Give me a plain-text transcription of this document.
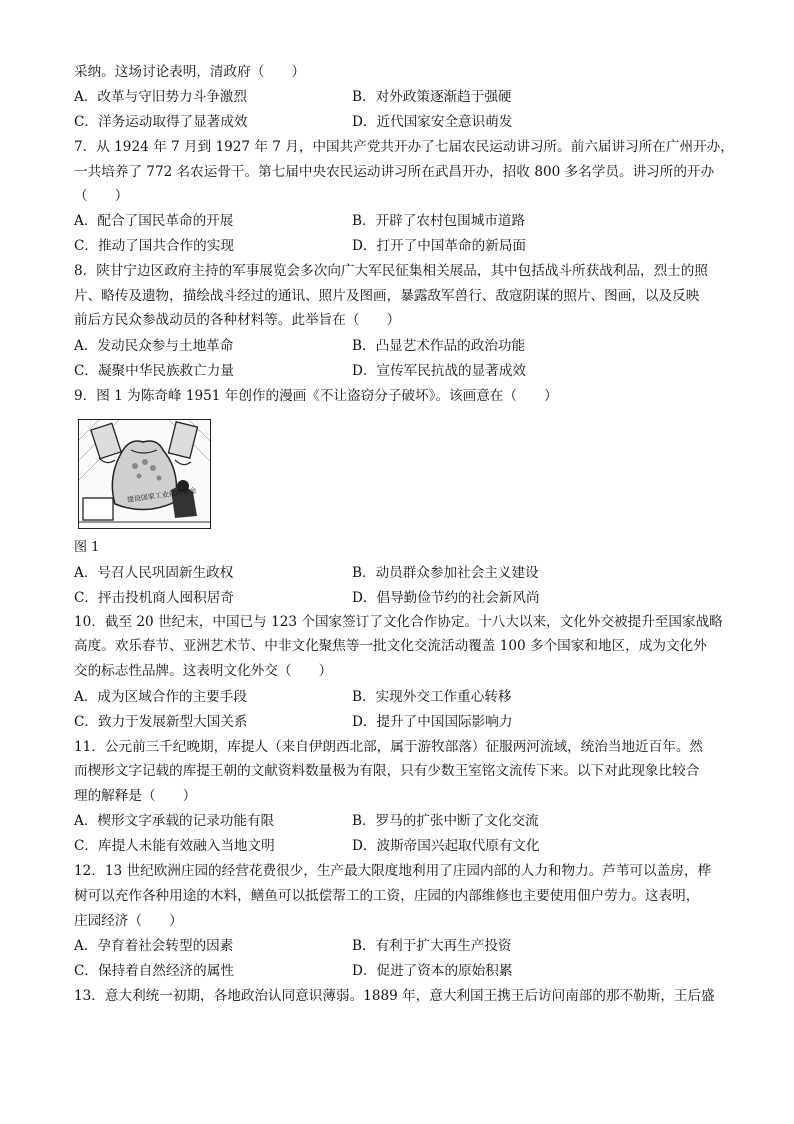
采纳。这场讨论表明，清政府（　　）
A．改革与守旧势力斗争激烈	B．对外政策逐渐趋于强硬
C．洋务运动取得了显著成效	D．近代国家安全意识萌发
7．从 1924 年 7 月到 1927 年 7 月，中国共产党共开办了七届农民运动讲习所。前六届讲习所在广州开办，
一共培养了 772 名农运骨干。第七届中央农民运动讲习所在武昌开办，招收 800 多名学员。讲习所的开办
（　　）
A．配合了国民革命的开展	B．开辟了农村包围城市道路
C．推动了国共合作的实现	D．打开了中国革命的新局面
8．陕甘宁边区政府主持的军事展览会多次向广大军民征集相关展品，其中包括战斗所获战利品，烈士的照
片、略传及遗物，描绘战斗经过的通讯、照片及图画，暴露敌军兽行、敌寇阴谋的照片、图画，以及反映
前后方民众参战动员的各种材料等。此举旨在（　　）
A．发动民众参与土地革命	B．凸显艺术作品的政治功能
C．凝聚中华民族救亡力量	D．宣传军民抗战的显著成效
9．图 1 为陈奇峰 1951 年创作的漫画《不让盗窃分子破坏》。该画意在（　　）
建设国家工业化的资金
图 1
A．号召人民巩固新生政权	B．动员群众参加社会主义建设
C．抨击投机商人囤积居奇	D．倡导勤俭节约的社会新风尚
10．截至 20 世纪末，中国已与 123 个国家签订了文化合作协定。十八大以来，文化外交被提升至国家战略
高度。欢乐春节、亚洲艺术节、中非文化聚焦等一批文化交流活动覆盖 100 多个国家和地区，成为文化外
交的标志性品牌。这表明文化外交（　　）
A．成为区域合作的主要手段	B．实现外交工作重心转移
C．致力于发展新型大国关系	D．提升了中国国际影响力
11．公元前三千纪晚期，库提人（来自伊朗西北部，属于游牧部落）征服两河流域，统治当地近百年。然
而楔形文字记载的库提王朝的文献资料数量极为有限，只有少数王室铭文流传下来。以下对此现象比较合
理的解释是（　　）
A．楔形文字承载的记录功能有限	B．罗马的扩张中断了文化交流
C．库提人未能有效融入当地文明	D．波斯帝国兴起取代原有文化
12．13 世纪欧洲庄园的经营花费很少，生产最大限度地利用了庄园内部的人力和物力。芦苇可以盖房，桦
树可以充作各种用途的木料，鳝鱼可以抵偿帮工的工资，庄园的内部维修也主要使用佃户劳力。这表明，
庄园经济（　　）
A．孕育着社会转型的因素	B．有利于扩大再生产投资
C．保持着自然经济的属性	D．促进了资本的原始积累
13．意大利统一初期，各地政治认同意识薄弱。1889 年，意大利国王携王后访问南部的那不勒斯，王后盛
